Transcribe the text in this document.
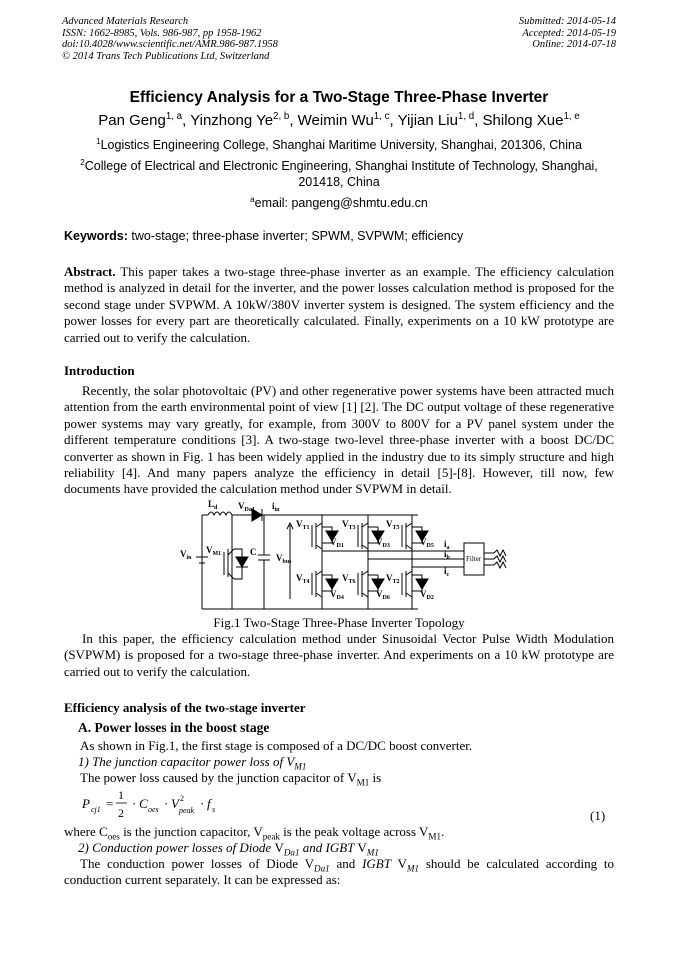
Advanced Materials Research
ISSN: 1662-8985, Vols. 986-987, pp 1958-1962
doi:10.4028/www.scientific.net/AMR.986-987.1958
© 2014 Trans Tech Publications Ltd, Switzerland
Submitted: 2014-05-14
Accepted: 2014-05-19
Online: 2014-07-18
Efficiency Analysis for a Two-Stage Three-Phase Inverter
Pan Geng$^{1, a}$, Yinzhong Ye$^{2, b}$, Weimin Wu$^{1, c}$, Yijian Liu$^{1, d}$, Shilong Xue$^{1, e}$
$^1$Logistics Engineering College, Shanghai Maritime University, Shanghai, 201306, China
$^2$College of Electrical and Electronic Engineering, Shanghai Institute of Technology, Shanghai, 201418, China
$^a$email: pangeng@shmtu.edu.cn
Keywords: two-stage; three-phase inverter; SPWM, SVPWM; efficiency
Abstract. This paper takes a two-stage three-phase inverter as an example. The efficiency calculation method is analyzed in detail for the inverter, and the power losses calculation method is proposed for the second stage under SVPWM. A 10kW/380V inverter system is designed. The system efficiency and the power losses for every part are theoretically calculated. Finally, experiments on a 10 kW prototype are carried out to verify the calculation.
Introduction
Recently, the solar photovoltaic (PV) and other regenerative power systems have been attracted much attention from the earth environmental point of view [1] [2]. The DC output voltage of these regenerative power systems may vary greatly, for example, from 300V to 800V for a PV panel system under the different temperature conditions [3]. A two-stage two-level three-phase inverter with a boost DC/DC converter as shown in Fig. 1 has been widely applied in the industry due to its simply structure and high reliability [4]. And many papers analyze the efficiency in detail [5]-[8]. However, till now, few documents have provided the calculation method under SVPWM in detail.
$L_d$ $V_{Da1}$ $i_{in}$
$V_{in}$
$V_{M1}$	C
$V_{bus}$
$V_{T1}$	$V_{T3}$	$V_{T5}$
$V_{D1}$	$V_{D3}$	$V_{D5}$
$V_{T4}$	$V_{T6}$	$V_{T2}$
$V_{D4}$	$V_{D6}$	$V_{D2}$
$i_a$
$i_b$
$i_c$
Filter
Fig.1 Two-Stage Three-Phase Inverter Topology
In this paper, the efficiency calculation method under Sinusoidal Vector Pulse Width Modulation (SVPWM) is proposed for a two-stage three-phase inverter. And experiments on a 10 kW prototype are carried out to verify the calculation.
Efficiency analysis of the two-stage inverter
A. Power losses in the boost stage
As shown in Fig.1, the first stage is composed of a DC/DC boost converter.
1) The junction capacitor power loss of $V_{M1}$
The power loss caused by the junction capacitor of $V_{M1}$ is
P cj1 =
1
2
· C oes · V 2
peak · f s	(1)
where $C_{oes}$ is the junction capacitor, $V_{peak}$ is the peak voltage across $V_{M1}$.
2) Conduction power losses of Diode $V_{Da1}$ and IGBT $V_{M1}$
The conduction power losses of Diode $V_{Da1}$ and IGBT $V_{M1}$ should be calculated according to conduction current separately. It can be expressed as:
